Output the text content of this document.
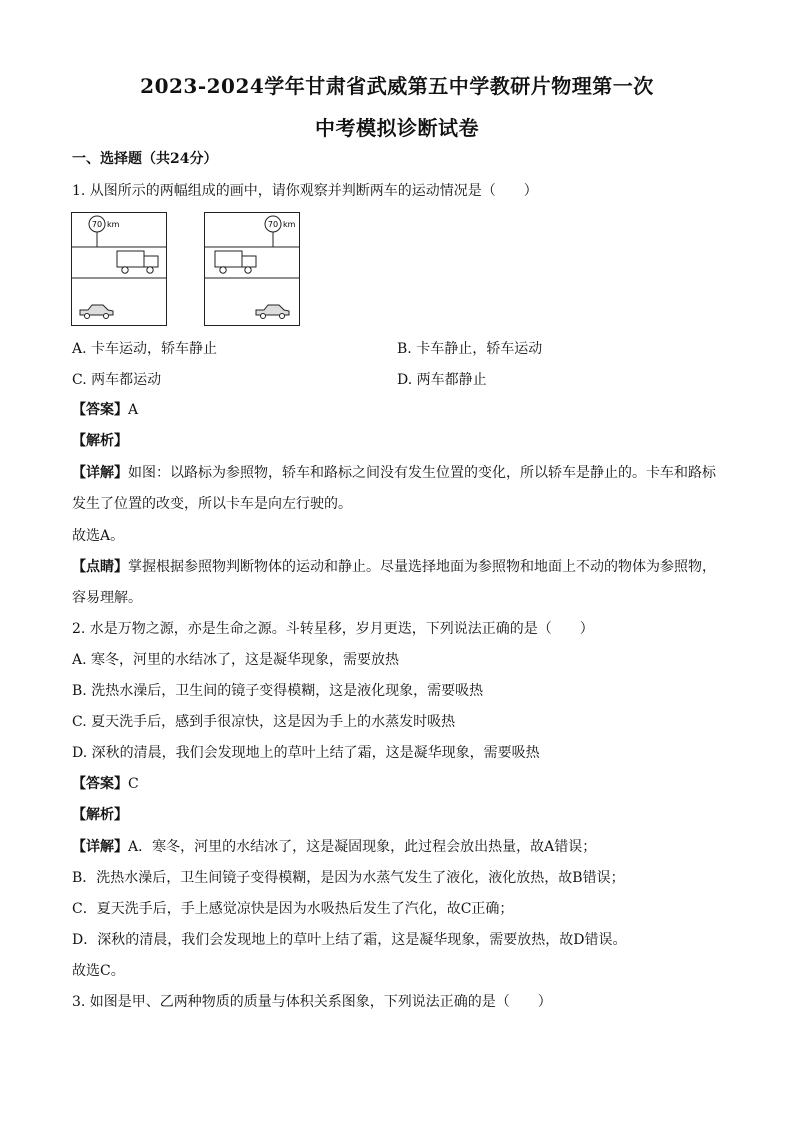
2023-2024学年甘肃省武威第五中学教研片物理第一次
中考模拟诊断试卷
一、选择题（共24分）
1. 从图所示的两幅组成的画中，请你观察并判断两车的运动情况是（　　）
70 km	70 km
A. 卡车运动，轿车静止	B. 卡车静止，轿车运动
C. 两车都运动	D. 两车都静止
【答案】A
【解析】
【详解】如图：以路标为参照物，轿车和路标之间没有发生位置的变化，所以轿车是静止的。卡车和路标
发生了位置的改变，所以卡车是向左行驶的。
故选A。
【点睛】掌握根据参照物判断物体的运动和静止。尽量选择地面为参照物和地面上不动的物体为参照物，
容易理解。
2. 水是万物之源，亦是生命之源。斗转星移，岁月更迭，下列说法正确的是（　　）
A. 寒冬，河里的水结冰了，这是凝华现象，需要放热
B. 洗热水澡后，卫生间的镜子变得模糊，这是液化现象，需要吸热
C. 夏天洗手后，感到手很凉快，这是因为手上的水蒸发时吸热
D. 深秋的清晨，我们会发现地上的草叶上结了霜，这是凝华现象，需要吸热
【答案】C
【解析】
【详解】A．寒冬，河里的水结冰了，这是凝固现象，此过程会放出热量，故A错误；
B．洗热水澡后，卫生间镜子变得模糊，是因为水蒸气发生了液化，液化放热，故B错误；
C．夏天洗手后，手上感觉凉快是因为水吸热后发生了汽化，故C正确；
D．深秋的清晨，我们会发现地上的草叶上结了霜，这是凝华现象，需要放热，故D错误。
故选C。
3. 如图是甲、乙两种物质的质量与体积关系图象，下列说法正确的是（　　）
